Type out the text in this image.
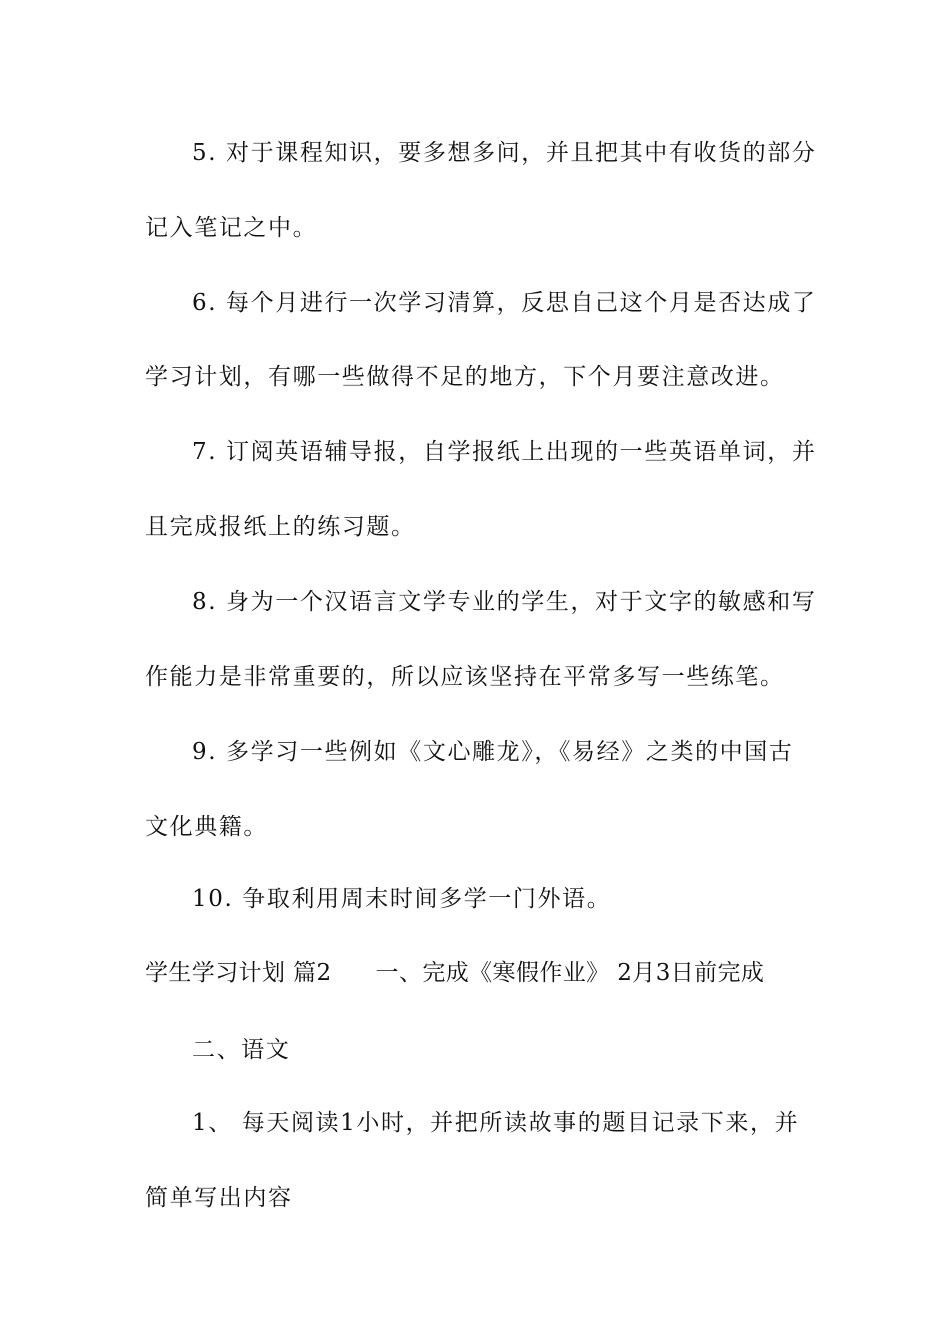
5. 对于课程知识，要多想多问，并且把其中有收货的部分
记入笔记之中。
6. 每个月进行一次学习清算，反思自己这个月是否达成了
学习计划，有哪一些做得不足的地方，下个月要注意改进。
7. 订阅英语辅导报，自学报纸上出现的一些英语单词，并
且完成报纸上的练习题。
8. 身为一个汉语言文学专业的学生，对于文字的敏感和写
作能力是非常重要的，所以应该坚持在平常多写一些练笔。
9. 多学习一些例如《文心雕龙》，《易经》之类的中国古
文化典籍。
10. 争取利用周末时间多学一门外语。
学生学习计划 篇2 一、完成《寒假作业》 2月3日前完成
二、语文
1、 每天阅读1小时，并把所读故事的题目记录下来，并
简单写出内容
